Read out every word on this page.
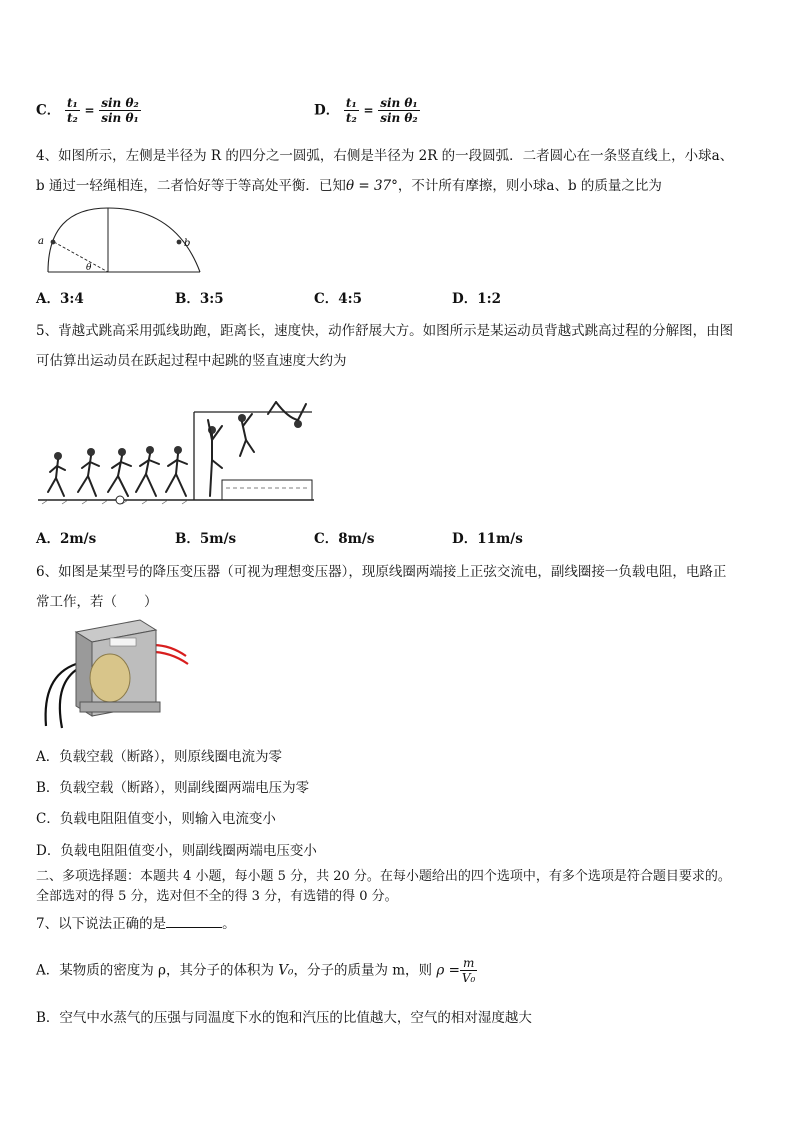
C． $\frac{\text{t₁}}{\text{t₂}} = \frac{\text{sin θ₂}}{\text{sin θ₁}}$	D． $\frac{\text{t₁}}{\text{t₂}} = \frac{\text{sin θ₁}}{\text{sin θ₂}}$
4、如图所示，左侧是半径为 R 的四分之一圆弧，右侧是半径为 2R 的一段圆弧．二者圆心在一条竖直线上，小球a、
b 通过一轻绳相连，二者恰好等于等高处平衡．已知θ = 37°，不计所有摩擦，则小球a、b 的质量之比为
a	b
θ
A．3:4	B．3:5	C．4:5	D．1:2
5、背越式跳高采用弧线助跑，距离长，速度快，动作舒展大方。如图所示是某运动员背越式跳高过程的分解图，由图
可估算出运动员在跃起过程中起跳的竖直速度大约为
A．2m/s	B．5m/s	C．8m/s	D．11m/s
6、如图是某型号的降压变压器（可视为理想变压器），现原线圈两端接上正弦交流电，副线圈接一负载电阻，电路正
常工作，若（　　）
A．负载空载（断路），则原线圈电流为零
B．负载空载（断路），则副线圈两端电压为零
C．负载电阻阻值变小，则输入电流变小
D．负载电阻阻值变小，则副线圈两端电压变小
二、多项选择题：本题共 4 小题，每小题 5 分，共 20 分。在每小题给出的四个选项中，有多个选项是符合题目要求的。
全部选对的得 5 分，选对但不全的得 3 分，有选错的得 0 分。
7、以下说法正确的是	。
A．某物质的密度为 ρ，其分子的体积为 V₀，分子的质量为 m，则 $\rho = \frac{m}{\text{V₀}}$
B．空气中水蒸气的压强与同温度下水的饱和汽压的比值越大，空气的相对湿度越大
